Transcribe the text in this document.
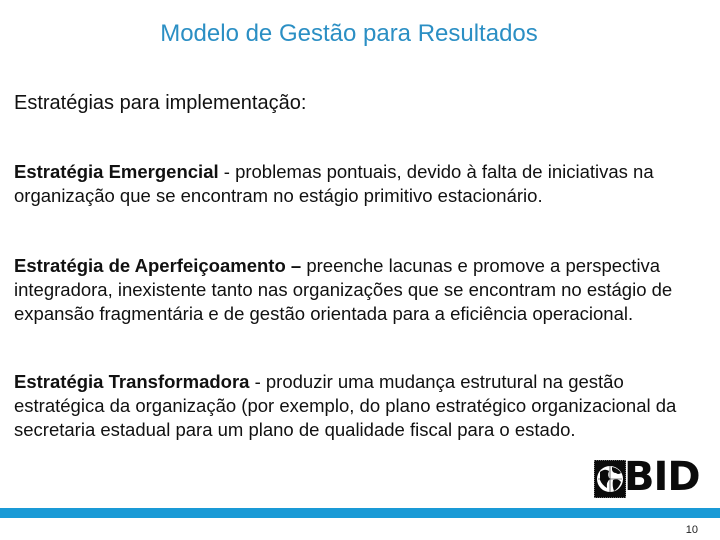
Modelo de Gestão para Resultados
Estratégias para implementação:
Estratégia Emergencial - problemas pontuais, devido à falta de iniciativas na organização que se encontram no estágio primitivo estacionário.
Estratégia de Aperfeiçoamento – preenche lacunas e promove a perspectiva integradora, inexistente tanto nas organizações que se encontram no estágio de expansão fragmentária e de gestão orientada para a eficiência operacional.
Estratégia Transformadora - produzir uma mudança estrutural na gestão estratégica da organização (por exemplo, do plano estratégico organizacional da secretaria estadual para um plano de qualidade fiscal para o estado.
BID
10
